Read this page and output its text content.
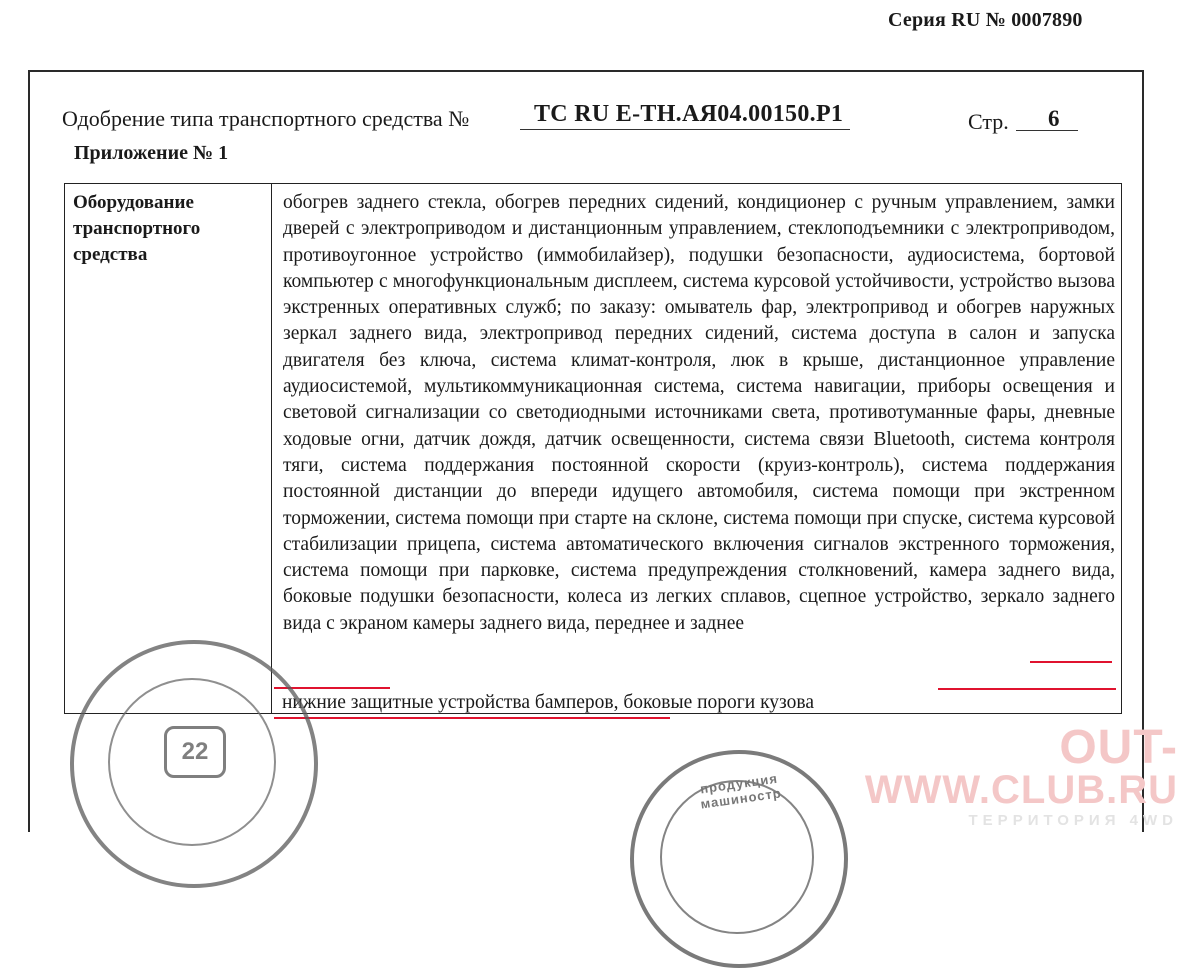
Серия RU № 0007890
Одобрение типа транспортного средства №	ТС RU E-TH.АЯ04.00150.Р1	Стр. 6
Приложение № 1
Оборудование транспортного средства
обогрев заднего стекла, обогрев передних сидений, кондиционер с ручным управлением, замки дверей с электроприводом и дистанционным управлением, стеклоподъемники с электроприводом, противоугонное устройство (иммобилайзер), подушки безопасности, аудиосистема, бортовой компьютер с многофункциональным дисплеем, система курсовой устойчивости, устройство вызова экстренных оперативных служб; по заказу: омыватель фар, электропривод и обогрев наружных зеркал заднего вида, электропривод передних сидений, система доступа в салон и запуска двигателя без ключа, система климат-контроля, люк в крыше, дистанционное управление аудиосистемой, мультикоммуникационная система, система навигации, приборы освещения и световой сигнализации со светодиодными источниками света, противотуманные фары, дневные ходовые огни, датчик дождя, датчик освещенности, система связи Bluetooth, система контроля тяги, система поддержания постоянной скорости (круиз-контроль), система поддержания постоянной дистанции до впереди идущего автомобиля, система помощи при экстренном торможении, система помощи при старте на склоне, система помощи при спуске, система курсовой стабилизации прицепа, система автоматического включения сигналов экстренного торможения, система помощи при парковке, система предупреждения столкновений, камера заднего вида, боковые подушки безопасности, колеса из легких сплавов, сцепное устройство, зеркало заднего вида с экраном камеры заднего вида, переднее и заднее
нижние защитные устройства бамперов, боковые пороги кузова
22
продукция машиностр
OUT-
WWW.CLUB.RU
ТЕРРИТОРИЯ 4WD
